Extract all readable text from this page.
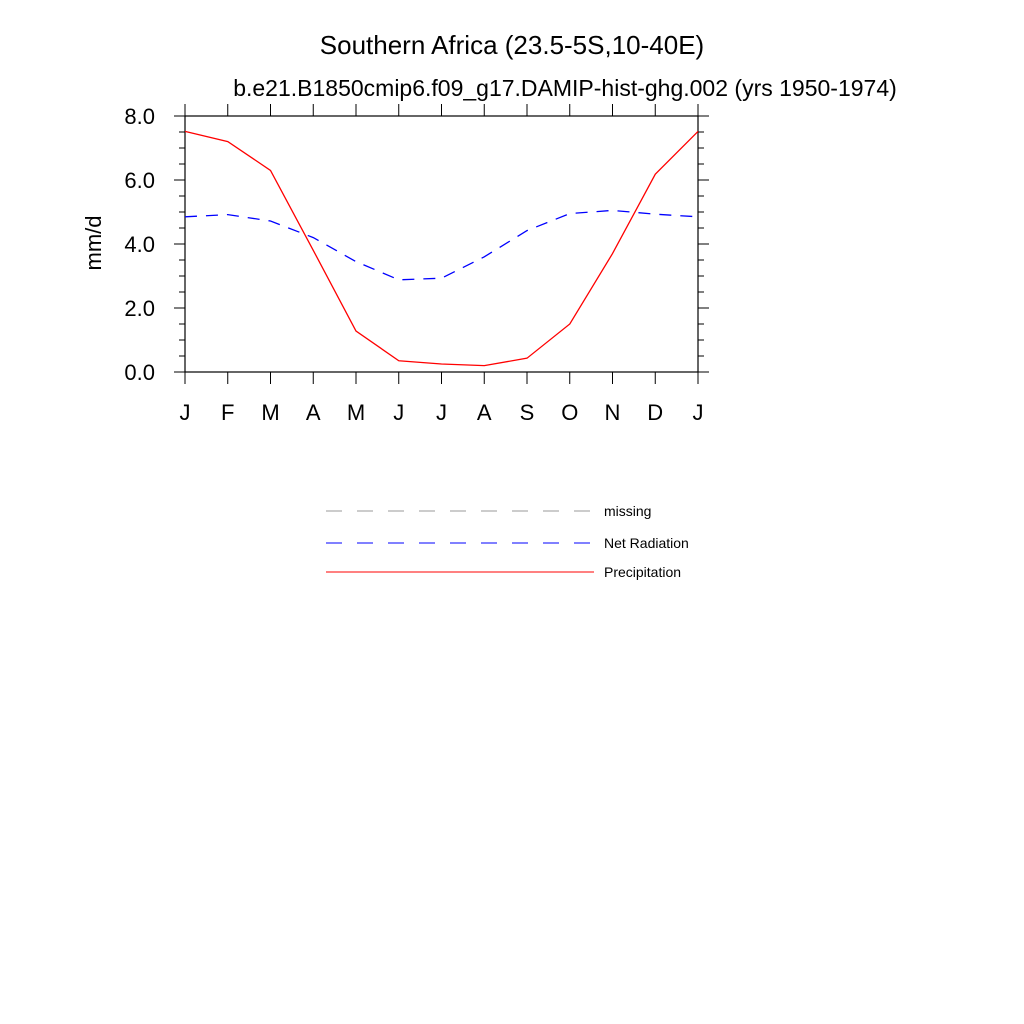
Southern Africa (23.5-5S,10-40E)
b.e21.B1850cmip6.f09_g17.DAMIP-hist-ghg.002 (yrs 1950-1974)
mm/d
0.0
2.0
4.0
6.0
8.0
J F M A M J J A S O N D J
missing
Net Radiation
Precipitation
